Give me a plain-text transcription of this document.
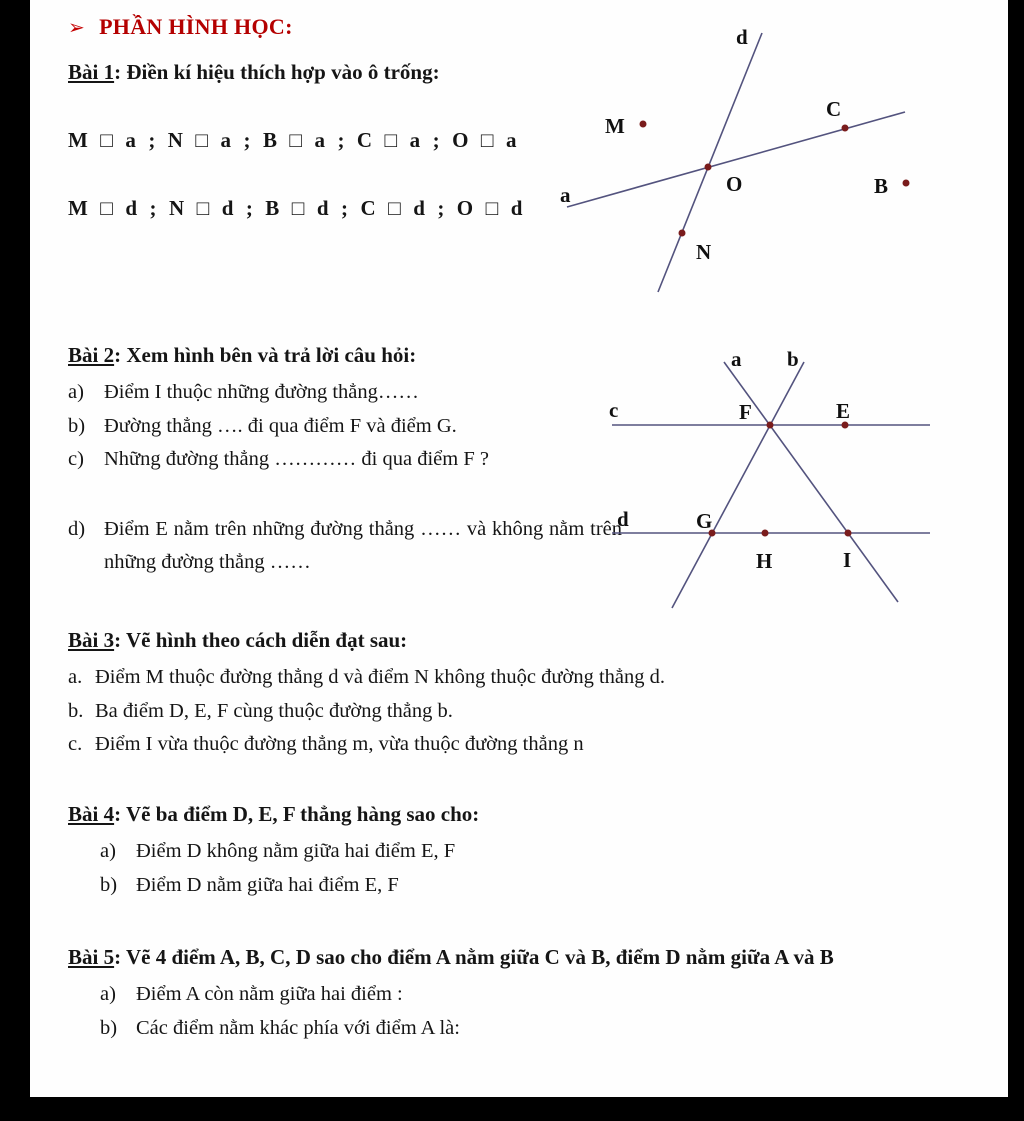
➢ PHẦN HÌNH HỌC:

Bài 1: Điền kí hiệu thích hợp vào ô trống:

M □ a ; N □ a ; B □ a ; C □ a ; O □ a
M □ d ; N □ d ; B □ d ; C □ d ; O □ d
d
a
M
C
B
O
N

Bài 2: Xem hình bên và trả lời câu hỏi:

a) Điểm I thuộc những đường thẳng……
b) Đường thẳng …. đi qua điểm F và điểm G.
c) Những đường thẳng ………… đi qua điểm F ?
d) Điểm E nằm trên những đường thẳng …… và không nằm trên những đường thẳng ……
a b
c
d
F	E
G
H	I

Bài 3: Vẽ hình theo cách diễn đạt sau:

a. Điểm M thuộc đường thẳng d và điểm N không thuộc đường thẳng d.
b. Ba điểm D, E, F cùng thuộc đường thẳng b.
c. Điểm I vừa thuộc đường thẳng m, vừa thuộc đường thẳng n

Bài 4: Vẽ ba điểm D, E, F thẳng hàng sao cho:

a) Điểm D không nằm giữa hai điểm E, F
b) Điểm D nằm giữa hai điểm E, F

Bài 5: Vẽ 4 điểm A, B, C, D sao cho điểm A nằm giữa C và B, điểm D nằm giữa A và B

a) Điểm A còn nằm giữa hai điểm :
b) Các điểm nằm khác phía với điểm A là:
